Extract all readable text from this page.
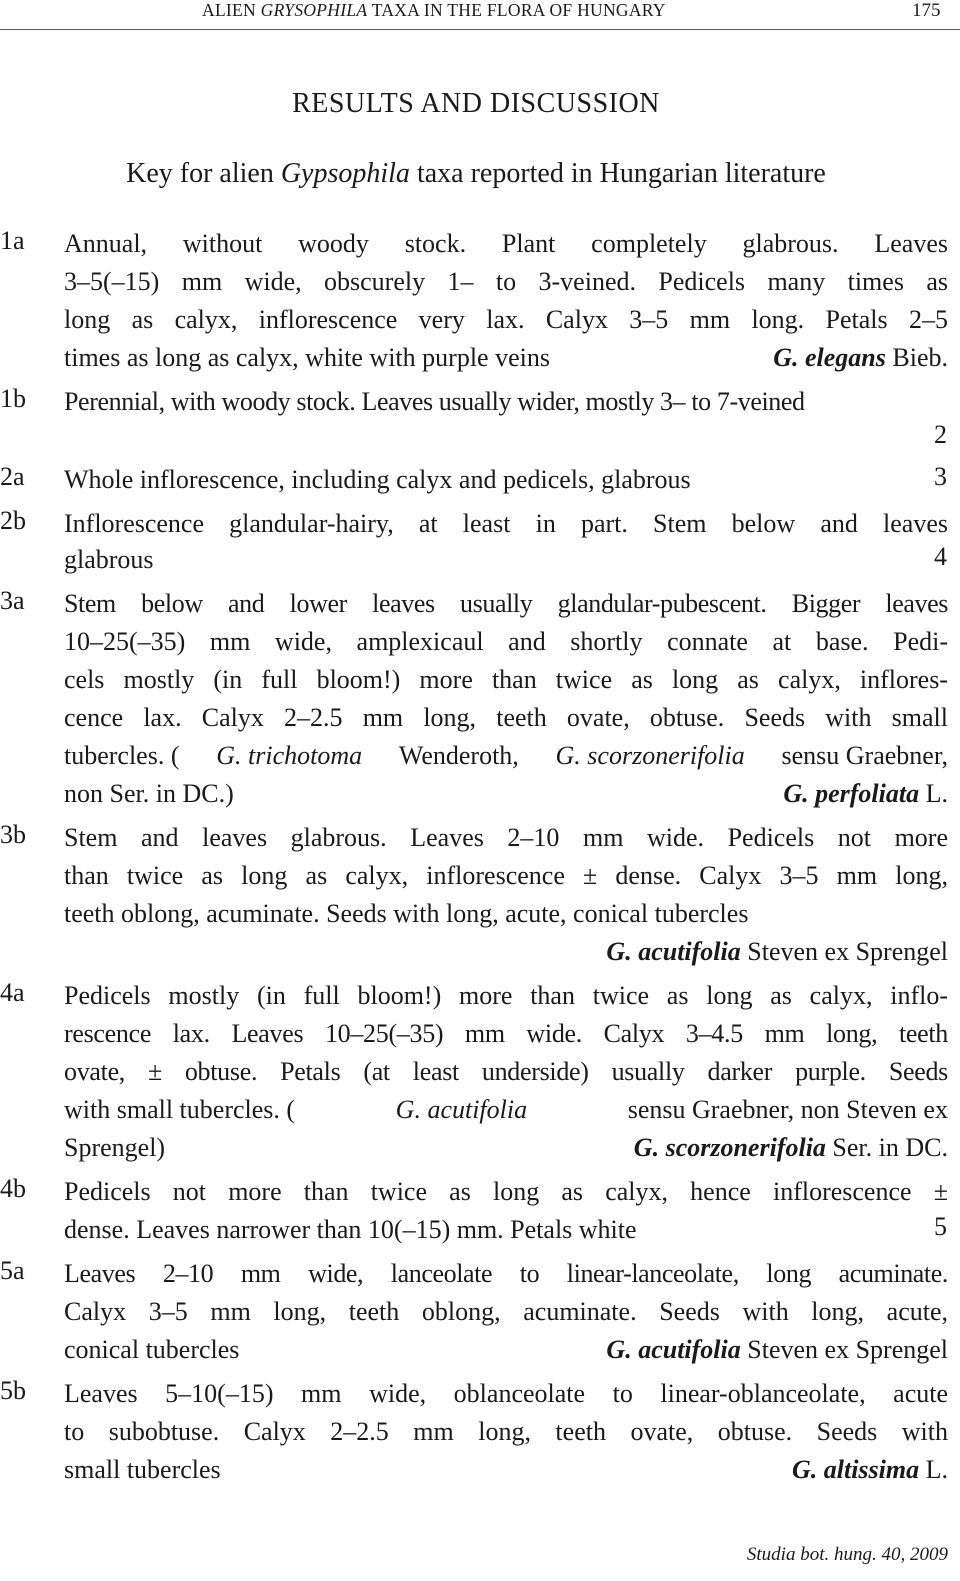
ALIEN GRYSOPHILA TAXA IN THE FLORA OF HUNGARY	175
RESULTS AND DISCUSSION
Key for alien Gypsophila taxa reported in Hungarian literature
1a Annual, without woody stock. Plant completely glabrous. Leaves
3–5(–15) mm wide, obscurely 1– to 3-veined. Pedicels many times as
long as calyx, inflorescence very lax. Calyx 3–5 mm long. Petals 2–5
times as long as calyx, white with purple veins	G. elegans Bieb.
1b Perennial, with woody stock. Leaves usually wider, mostly 3– to 7-veined
2
2a Whole inflorescence, including calyx and pedicels, glabrous	3
2b Inflorescence glandular-hairy, at least in part. Stem below and leaves
glabrous	4
3a Stem below and lower leaves usually glandular-pubescent. Bigger leaves
10–25(–35) mm wide, amplexicaul and shortly connate at base. Pedi-
cels mostly (in full bloom!) more than twice as long as calyx, inflores-
cence lax. Calyx 2–2.5 mm long, teeth ovate, obtuse. Seeds with small
tubercles. ( G. trichotoma Wenderoth, G. scorzonerifolia sensu Graebner,
non Ser. in DC.)	G. perfoliata L.
3b Stem and leaves glabrous. Leaves 2–10 mm wide. Pedicels not more
than twice as long as calyx, inflorescence ± dense. Calyx 3–5 mm long,
teeth oblong, acuminate. Seeds with long, acute, conical tubercles
G. acutifolia Steven ex Sprengel
4a Pedicels mostly (in full bloom!) more than twice as long as calyx, inflo-
rescence lax. Leaves 10–25(–35) mm wide. Calyx 3–4.5 mm long, teeth
ovate, ± obtuse. Petals (at least underside) usually darker purple. Seeds
with small tubercles. (	G. acutifolia	sensu Graebner, non Steven ex
Sprengel)	G. scorzonerifolia Ser. in DC.
4b Pedicels not more than twice as long as calyx, hence inflorescence ±
dense. Leaves narrower than 10(–15) mm. Petals white	5
5a Leaves 2–10 mm wide, lanceolate to linear-lanceolate, long acuminate.
Calyx 3–5 mm long, teeth oblong, acuminate. Seeds with long, acute,
conical tubercles	G. acutifolia Steven ex Sprengel
5b Leaves 5–10(–15) mm wide, oblanceolate to linear-oblanceolate, acute
to subobtuse. Calyx 2–2.5 mm long, teeth ovate, obtuse. Seeds with
small tubercles	G. altissima L.
Studia bot. hung. 40, 2009
